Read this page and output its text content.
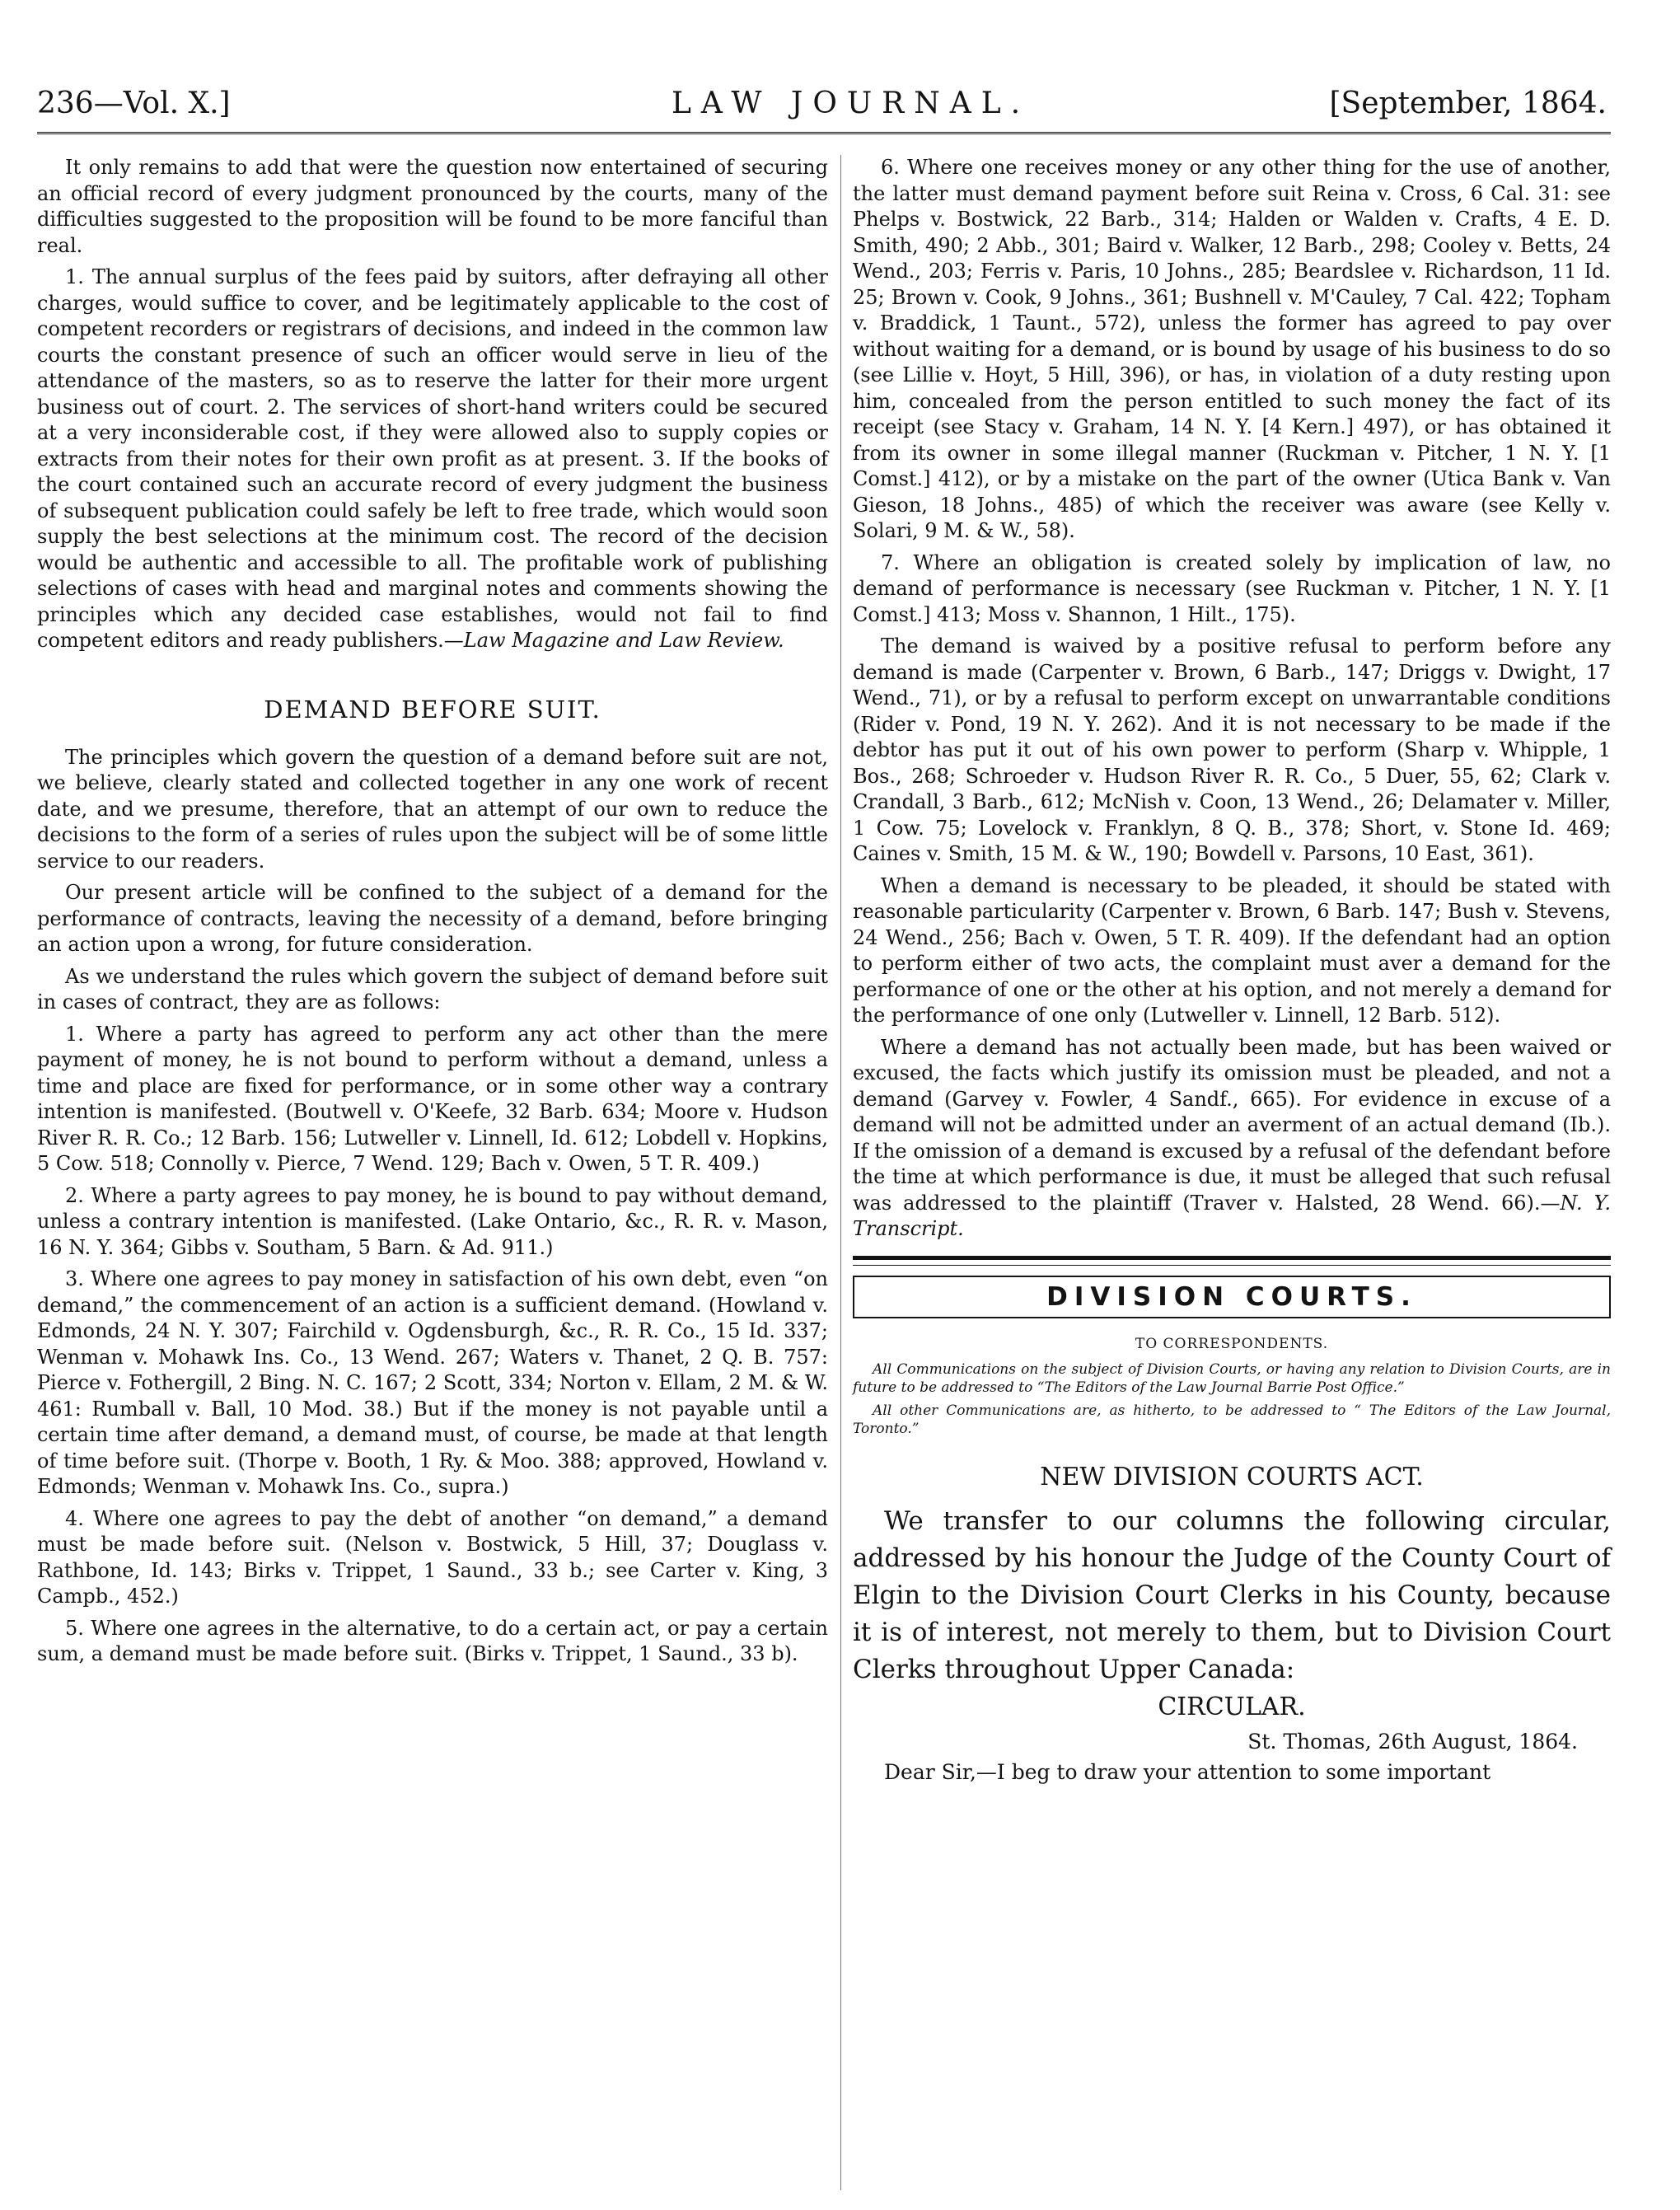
236—Vol. X.]	LAW JOURNAL.	[September, 1864.

It only remains to add that were the question now entertained of securing an official record of every judgment pronounced by the courts, many of the difficulties suggested to the proposition will be found to be more fanciful than real.

1. The annual surplus of the fees paid by suitors, after defraying all other charges, would suffice to cover, and be legitimately applicable to the cost of competent recorders or registrars of decisions, and indeed in the common law courts the constant presence of such an officer would serve in lieu of the attendance of the masters, so as to reserve the latter for their more urgent business out of court. 2. The services of short-hand writers could be secured at a very inconsiderable cost, if they were allowed also to supply copies or extracts from their notes for their own profit as at present. 3. If the books of the court contained such an accurate record of every judgment the business of subsequent publication could safely be left to free trade, which would soon supply the best selections at the minimum cost. The record of the decision would be authentic and accessible to all. The profitable work of publishing selections of cases with head and marginal notes and comments showing the principles which any decided case establishes, would not fail to find competent editors and ready publishers.—Law Magazine and Law Review.

DEMAND BEFORE SUIT.

The principles which govern the question of a demand before suit are not, we believe, clearly stated and collected together in any one work of recent date, and we presume, therefore, that an attempt of our own to reduce the decisions to the form of a series of rules upon the subject will be of some little service to our readers.

Our present article will be confined to the subject of a demand for the performance of contracts, leaving the necessity of a demand, before bringing an action upon a wrong, for future consideration.

As we understand the rules which govern the subject of demand before suit in cases of contract, they are as follows:

1. Where a party has agreed to perform any act other than the mere payment of money, he is not bound to perform without a demand, unless a time and place are fixed for performance, or in some other way a contrary intention is manifested. (Boutwell v. O'Keefe, 32 Barb. 634; Moore v. Hudson River R. R. Co.; 12 Barb. 156; Lutweller v. Linnell, Id. 612; Lobdell v. Hopkins, 5 Cow. 518; Connolly v. Pierce, 7 Wend. 129; Bach v. Owen, 5 T. R. 409.)

2. Where a party agrees to pay money, he is bound to pay without demand, unless a contrary intention is manifested. (Lake Ontario, &c., R. R. v. Mason, 16 N. Y. 364; Gibbs v. Southam, 5 Barn. & Ad. 911.)

3. Where one agrees to pay money in satisfaction of his own debt, even “on demand,” the commencement of an action is a sufficient demand. (Howland v. Edmonds, 24 N. Y. 307; Fairchild v. Ogdensburgh, &c., R. R. Co., 15 Id. 337; Wenman v. Mohawk Ins. Co., 13 Wend. 267; Waters v. Thanet, 2 Q. B. 757: Pierce v. Fothergill, 2 Bing. N. C. 167; 2 Scott, 334; Norton v. Ellam, 2 M. & W. 461: Rumball v. Ball, 10 Mod. 38.) But if the money is not payable until a certain time after demand, a demand must, of course, be made at that length of time before suit. (Thorpe v. Booth, 1 Ry. & Moo. 388; approved, Howland v. Edmonds; Wenman v. Mohawk Ins. Co., supra.)

4. Where one agrees to pay the debt of another “on demand,” a demand must be made before suit. (Nelson v. Bostwick, 5 Hill, 37; Douglass v. Rathbone, Id. 143; Birks v. Trippet, 1 Saund., 33 b.; see Carter v. King, 3 Campb., 452.)

5. Where one agrees in the alternative, to do a certain act, or pay a certain sum, a demand must be made before suit. (Birks v. Trippet, 1 Saund., 33 b).

6. Where one receives money or any other thing for the use of another, the latter must demand payment before suit Reina v. Cross, 6 Cal. 31: see Phelps v. Bostwick, 22 Barb., 314; Halden or Walden v. Crafts, 4 E. D. Smith, 490; 2 Abb., 301; Baird v. Walker, 12 Barb., 298; Cooley v. Betts, 24 Wend., 203; Ferris v. Paris, 10 Johns., 285; Beardslee v. Richardson, 11 Id. 25; Brown v. Cook, 9 Johns., 361; Bushnell v. M'Cauley, 7 Cal. 422; Topham v. Braddick, 1 Taunt., 572), unless the former has agreed to pay over without waiting for a demand, or is bound by usage of his business to do so (see Lillie v. Hoyt, 5 Hill, 396), or has, in violation of a duty resting upon him, concealed from the person entitled to such money the fact of its receipt (see Stacy v. Graham, 14 N. Y. [4 Kern.] 497), or has obtained it from its owner in some illegal manner (Ruckman v. Pitcher, 1 N. Y. [1 Comst.] 412), or by a mistake on the part of the owner (Utica Bank v. Van Gieson, 18 Johns., 485) of which the receiver was aware (see Kelly v. Solari, 9 M. & W., 58).

7. Where an obligation is created solely by implication of law, no demand of performance is necessary (see Ruckman v. Pitcher, 1 N. Y. [1 Comst.] 413; Moss v. Shannon, 1 Hilt., 175).

The demand is waived by a positive refusal to perform before any demand is made (Carpenter v. Brown, 6 Barb., 147; Driggs v. Dwight, 17 Wend., 71), or by a refusal to perform except on unwarrantable conditions (Rider v. Pond, 19 N. Y. 262). And it is not necessary to be made if the debtor has put it out of his own power to perform (Sharp v. Whipple, 1 Bos., 268; Schroeder v. Hudson River R. R. Co., 5 Duer, 55, 62; Clark v. Crandall, 3 Barb., 612; McNish v. Coon, 13 Wend., 26; Delamater v. Miller, 1 Cow. 75; Lovelock v. Franklyn, 8 Q. B., 378; Short, v. Stone Id. 469; Caines v. Smith, 15 M. & W., 190; Bowdell v. Parsons, 10 East, 361).

When a demand is necessary to be pleaded, it should be stated with reasonable particularity (Carpenter v. Brown, 6 Barb. 147; Bush v. Stevens, 24 Wend., 256; Bach v. Owen, 5 T. R. 409). If the defendant had an option to perform either of two acts, the complaint must aver a demand for the performance of one or the other at his option, and not merely a demand for the performance of one only (Lutweller v. Linnell, 12 Barb. 512).

Where a demand has not actually been made, but has been waived or excused, the facts which justify its omission must be pleaded, and not a demand (Garvey v. Fowler, 4 Sandf., 665). For evidence in excuse of a demand will not be admitted under an averment of an actual demand (Ib.). If the omission of a demand is excused by a refusal of the defendant before the time at which performance is due, it must be alleged that such refusal was addressed to the plaintiff (Traver v. Halsted, 28 Wend. 66).—N. Y. Transcript.

DIVISION COURTS.

TO CORRESPONDENTS.

All Communications on the subject of Division Courts, or having any relation to Division Courts, are in future to be addressed to “The Editors of the Law Journal Barrie Post Office.”

All other Communications are, as hitherto, to be addressed to “ The Editors of the Law Journal, Toronto.”

NEW DIVISION COURTS ACT.

We transfer to our columns the following circular, addressed by his honour the Judge of the County Court of Elgin to the Division Court Clerks in his County, because it is of interest, not merely to them, but to Division Court Clerks throughout Upper Canada:

CIRCULAR.

St. Thomas, 26th August, 1864.

Dear Sir,—I beg to draw your attention to some important
